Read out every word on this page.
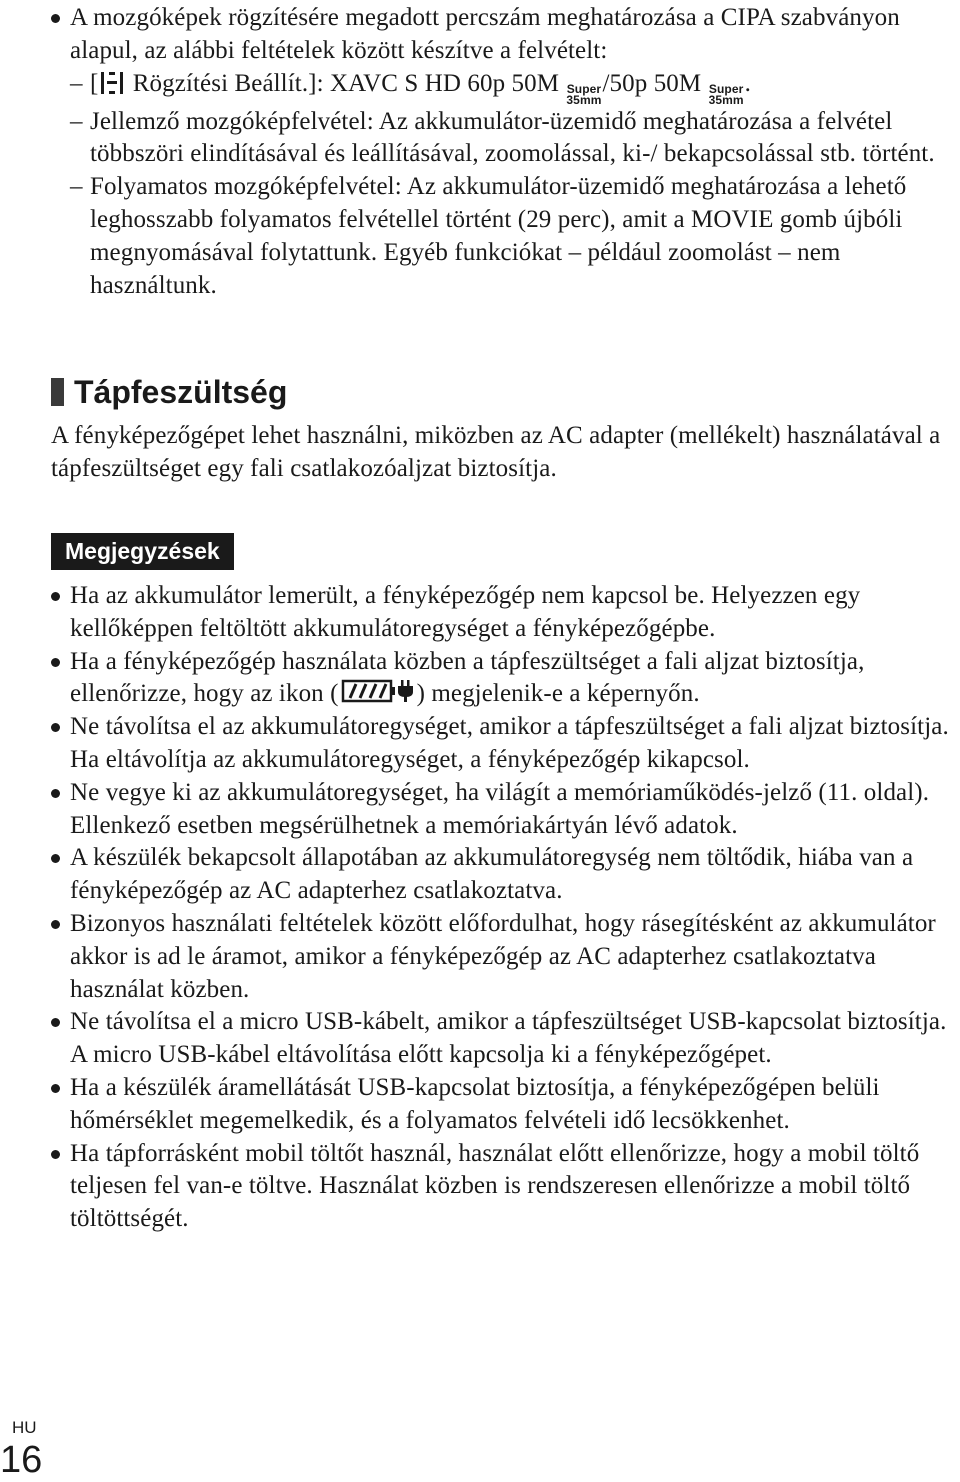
A mozgóképek rögzítésére megadott percszám meghatározása a CIPA szabványon alapul, az alábbi feltételek között készítve a felvételt:
– [ Rögzítési Beállít.]: XAVC S HD 60p 50M Super
35mm
/50p 50M Super
35mm
.
– Jellemző mozgóképfelvétel: Az akkumulátor-üzemidő meghatározása a felvétel többszöri elindításával és leállításával, zoomolással, ki-/ bekapcsolással stb. történt.
– Folyamatos mozgóképfelvétel: Az akkumulátor-üzemidő meghatározása a lehető leghosszabb folyamatos felvétellel történt (29 perc), amit a MOVIE gomb újbóli megnyomásával folytattunk. Egyéb funkciókat – például zoomolást – nem használtunk.
Tápfeszültség

A fényképezőgépet lehet használni, miközben az AC adapter (mellékelt) használatával a tápfeszültséget egy fali csatlakozóaljzat biztosítja.

Megjegyzések
Ha az akkumulátor lemerült, a fényképezőgép nem kapcsol be. Helyezzen egy kellőképpen feltöltött akkumulátoregységet a fényképezőgépbe.
Ha a fényképezőgép használata közben a tápfeszültséget a fali aljzat biztosítja, ellenőrizze, hogy az ikon (	) megjelenik-e a képernyőn.
Ne távolítsa el az akkumulátoregységet, amikor a tápfeszültséget a fali aljzat biztosítja. Ha eltávolítja az akkumulátoregységet, a fényképezőgép kikapcsol.
Ne vegye ki az akkumulátoregységet, ha világít a memóriaműködés-jelző (11. oldal). Ellenkező esetben megsérülhetnek a memóriakártyán lévő adatok.
A készülék bekapcsolt állapotában az akkumulátoregység nem töltődik, hiába van a fényképezőgép az AC adapterhez csatlakoztatva.
Bizonyos használati feltételek között előfordulhat, hogy rásegítésként az akkumulátor akkor is ad le áramot, amikor a fényképezőgép az AC adapterhez csatlakoztatva használat közben.
Ne távolítsa el a micro USB-kábelt, amikor a tápfeszültséget USB-kapcsolat biztosítja. A micro USB-kábel eltávolítása előtt kapcsolja ki a fényképezőgépet.
Ha a készülék áramellátását USB-kapcsolat biztosítja, a fényképezőgépen belüli hőmérséklet megemelkedik, és a folyamatos felvételi idő lecsökkenhet.
Ha tápforrásként mobil töltőt használ, használat előtt ellenőrizze, hogy a mobil töltő teljesen fel van-e töltve. Használat közben is rendszeresen ellenőrizze a mobil töltő töltöttségét.
HU
16
